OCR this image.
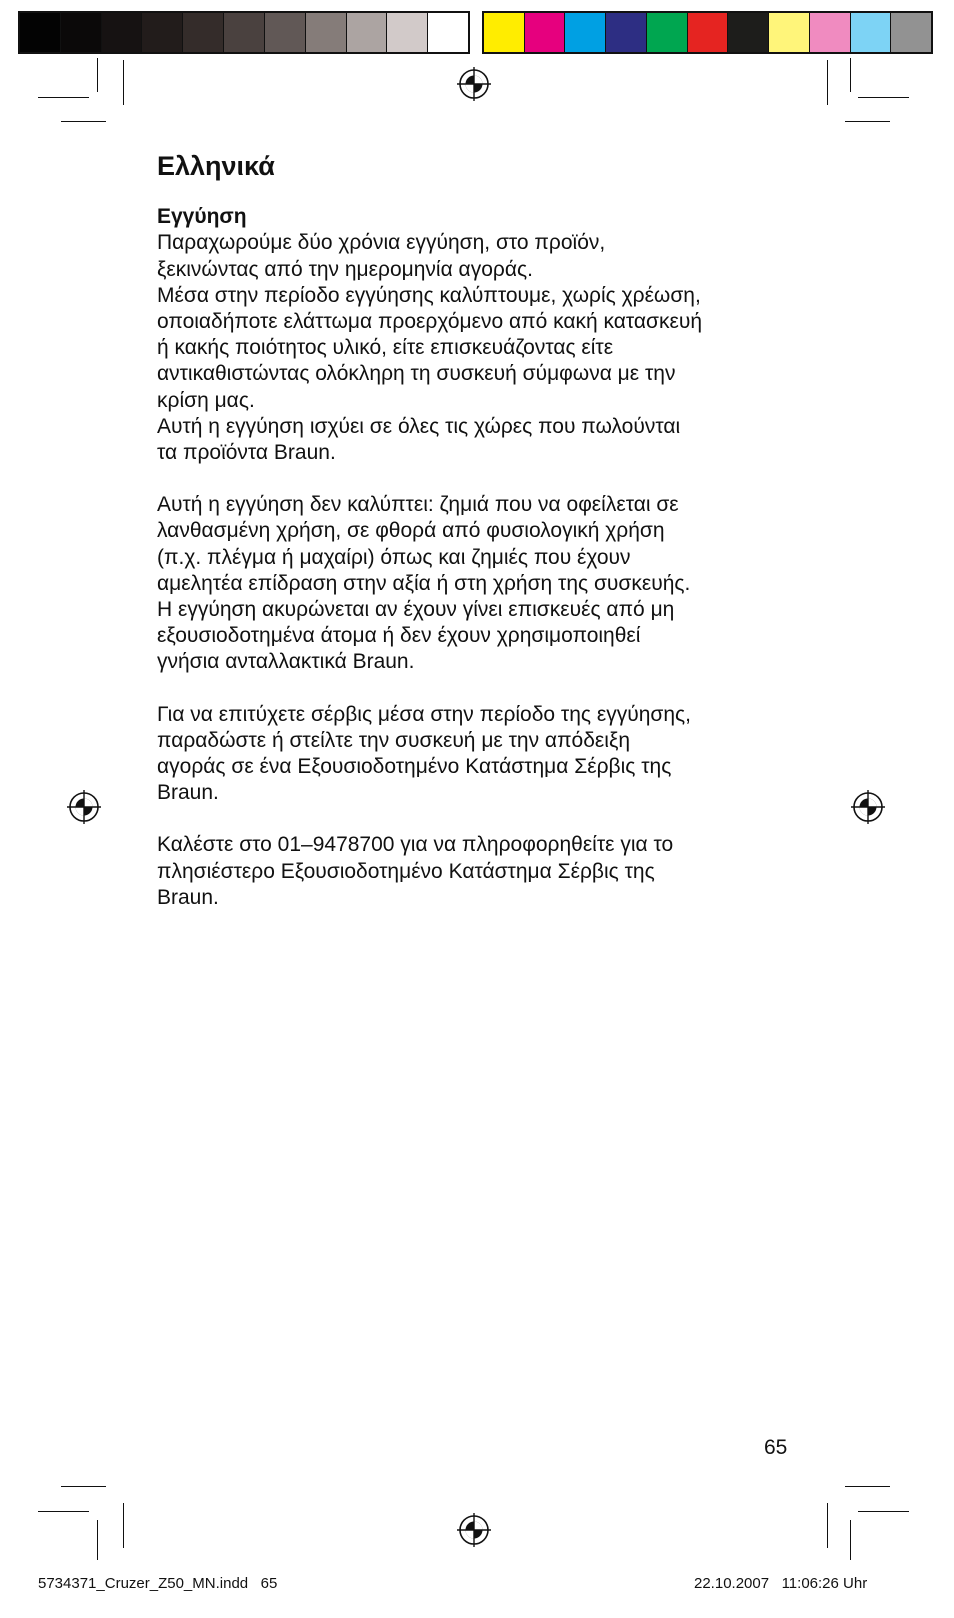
Ελληνικά
Εγγύηση

Παραχωρούμε δύο χρόνια εγγύηση, στο προϊόν,
ξεκινώντας από την ημερομηνία αγοράς.
Μέσα στην περίοδο εγγύησης καλύπτουμε, χωρίς χρέωση,
οποιαδήποτε ελάττωμα προερχόμενο από κακή κατασκευή
ή κακής ποιότητος υλικό, είτε επισκευάζοντας είτε
αντικαθιστώντας ολόκληρη τη συσκευή σύμφωνα με την
κρίση μας.
Αυτή η εγγύηση ισχύει σε όλες τις χώρες που πωλούνται
τα προϊόντα Braun.

Αυτή η εγγύηση δεν καλύπτει: ζημιά που να οφείλεται σε
λανθασμένη χρήση, σε φθορά από φυσιολογική χρήση
(π.χ. πλέγμα ή μαχαίρι) όπως και ζημιές που έχουν
αμελητέα επίδραση στην αξία ή στη χρήση της συσκευής.
Η εγγύηση ακυρώνεται αν έχουν γίνει επισκευές από μη
εξουσιοδοτημένα άτομα ή δεν έχουν χρησιμοποιηθεί
γνήσια ανταλλακτικά Braun.

Για να επιτύχετε σέρβις μέσα στην περίοδο της εγγύησης,
παραδώστε ή στείλτε την συσκευή με την απόδειξη
αγοράς σε ένα Εξουσιοδοτημένο Κατάστημα Σέρβις της
Braun.

Καλέστε στο 01–9478700 για να πληροφορηθείτε για το
πλησιέστερο Εξουσιοδοτημένο Κατάστημα Σέρβις της
Braun.

65
5734371_Cruzer_Z50_MN.indd   65	22.10.2007   11:06:26 Uhr
